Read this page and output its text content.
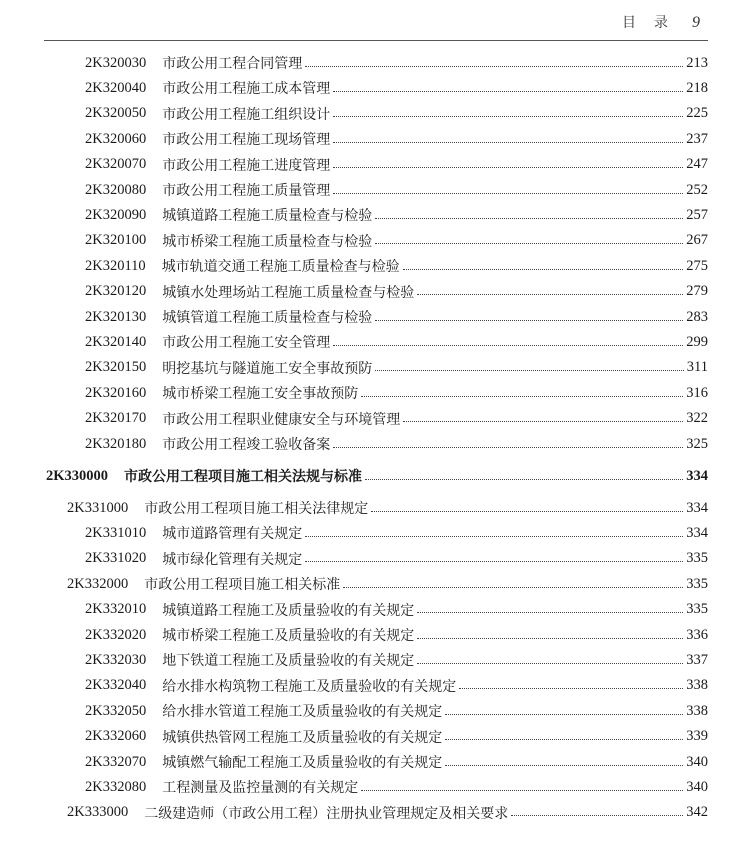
目　录 9
2K320030 市政公用工程合同管理	213
2K320040 市政公用工程施工成本管理	218
2K320050 市政公用工程施工组织设计	225
2K320060 市政公用工程施工现场管理	237
2K320070 市政公用工程施工进度管理	247
2K320080 市政公用工程施工质量管理	252
2K320090 城镇道路工程施工质量检查与检验	257
2K320100 城市桥梁工程施工质量检查与检验	267
2K320110 城市轨道交通工程施工质量检查与检验	275
2K320120 城镇水处理场站工程施工质量检查与检验	279
2K320130 城镇管道工程施工质量检查与检验	283
2K320140 市政公用工程施工安全管理	299
2K320150 明挖基坑与隧道施工安全事故预防	311
2K320160 城市桥梁工程施工安全事故预防	316
2K320170 市政公用工程职业健康安全与环境管理	322
2K320180 市政公用工程竣工验收备案	325
2K330000 市政公用工程项目施工相关法规与标准	334
2K331000 市政公用工程项目施工相关法律规定	334
2K331010 城市道路管理有关规定	334
2K331020 城市绿化管理有关规定	335
2K332000 市政公用工程项目施工相关标准	335
2K332010 城镇道路工程施工及质量验收的有关规定	335
2K332020 城市桥梁工程施工及质量验收的有关规定	336
2K332030 地下铁道工程施工及质量验收的有关规定	337
2K332040 给水排水构筑物工程施工及质量验收的有关规定	338
2K332050 给水排水管道工程施工及质量验收的有关规定	338
2K332060 城镇供热管网工程施工及质量验收的有关规定	339
2K332070 城镇燃气输配工程施工及质量验收的有关规定	340
2K332080 工程测量及监控量测的有关规定	340
2K333000 二级建造师（市政公用工程）注册执业管理规定及相关要求	342
